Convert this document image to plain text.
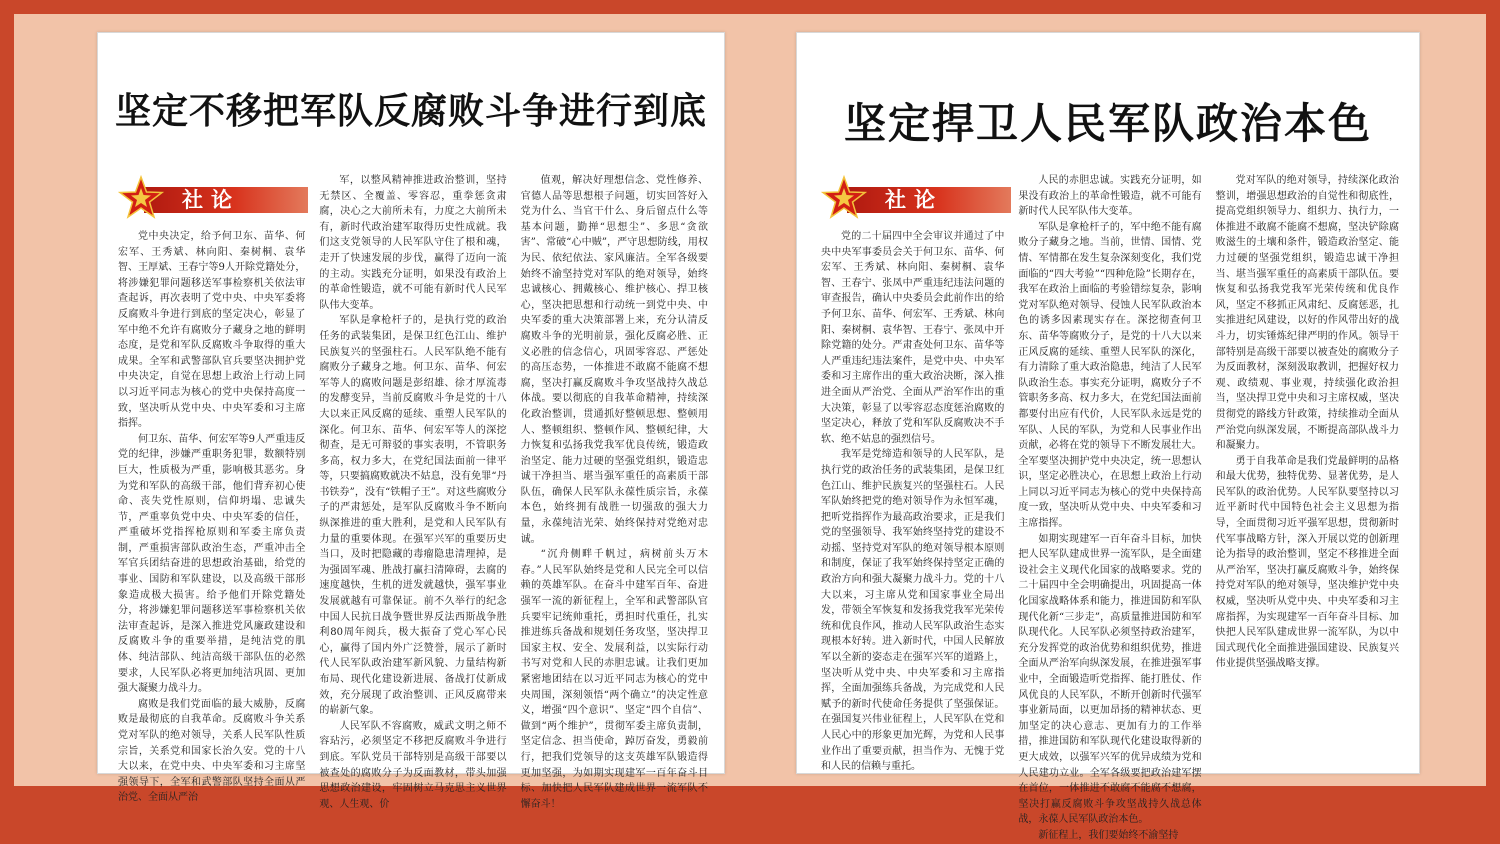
坚定不移把军队反腐败斗争进行到底

党中央决定，给予何卫东、苗华、何宏军、王秀斌、林向阳、秦树桐、袁华智、王厚斌、王春宁等9人开除党籍处分，将涉嫌犯罪问题移送军事检察机关依法审查起诉，再次表明了党中央、中央军委将反腐败斗争进行到底的坚定决心，彰显了军中绝不允许有腐败分子藏身之地的鲜明态度，是党和军队反腐败斗争取得的重大成果。全军和武警部队官兵要坚决拥护党中央决定，自觉在思想上政治上行动上同以习近平同志为核心的党中央保持高度一致，坚决听从党中央、中央军委和习主席指挥。

何卫东、苗华、何宏军等9人严重违反党的纪律，涉嫌严重职务犯罪，数额特别巨大，性质极为严重，影响极其恶劣。身为党和军队的高级干部，他们背弃初心使命、丧失党性原则，信仰坍塌、忠诚失节，严重辜负党中央、中央军委的信任，严重破坏党指挥枪原则和军委主席负责制，严重损害部队政治生态，严重冲击全军官兵团结奋进的思想政治基础，给党的事业、国防和军队建设，以及高级干部形象造成极大损害。给予他们开除党籍处分，将涉嫌犯罪问题移送军事检察机关依法审查起诉，是深入推进党风廉政建设和反腐败斗争的重要举措，是纯洁党的肌体、纯洁部队、纯洁高级干部队伍的必然要求，人民军队必将更加纯洁巩固、更加强大凝聚力战斗力。

腐败是我们党面临的最大威胁，反腐败是最彻底的自我革命。反腐败斗争关系党对军队的绝对领导，关系人民军队性质宗旨，关系党和国家长治久安。党的十八大以来，在党中央、中央军委和习主席坚强领导下，全军和武警部队坚持全面从严治党、全面从严治

军，以整风精神推进政治整训，坚持无禁区、全覆盖、零容忍，重拳惩贪肃腐，决心之大前所未有，力度之大前所未有，新时代政治建军取得历史性成就。我们这支党领导的人民军队守住了根和魂，走开了快速发展的步伐，赢得了迈向一流的主动。实践充分证明，如果没有政治上的革命性锻造，就不可能有新时代人民军队伟大变革。

军队是拿枪杆子的，是执行党的政治任务的武装集团，是保卫红色江山、维护民族复兴的坚强柱石。人民军队绝不能有腐败分子藏身之地。何卫东、苗华、何宏军等人的腐败问题是彭绍雄、徐才厚流毒的发酵变异，当前反腐败斗争是党的十八大以来正风反腐的延续、重塑人民军队的深化。何卫东、苗华、何宏军等人的深挖彻查，是无可辩驳的事实表明，不管职务多高，权力多大，在党纪国法面前一律平等，只要搞腐败就决不姑息，没有免罪“丹书铁券”，没有“铁帽子王”。对这些腐败分子的严肃惩处，是军队反腐败斗争不断向纵深推进的重大胜利，是党和人民军队有力量的重要体现。在强军兴军的重要历史当口，及时把隐藏的毒瘤隐患清理掉，是为强固军魂、胜战打赢扫清障碍，去腐的速度越快，生机的迸发就越快，强军事业发展就越有可靠保证。前不久举行的纪念中国人民抗日战争暨世界反法西斯战争胜利80周年阅兵，极大振奋了党心军心民心，赢得了国内外广泛赞誉，展示了新时代人民军队政治建军新风貌、力量结构新布局、现代化建设新进展、备战打仗新成效，充分展现了政治整训、正风反腐带来的崭新气象。

人民军队不容腐败，威武文明之师不容玷污，必须坚定不移把反腐败斗争进行到底。军队党员干部特别是高级干部要以被查处的腐败分子为反面教材，带头加强思想政治建设，牢固树立马克思主义世界观、人生观、价

值观，解决好理想信念、党性修养、官德人品等思想根子问题，切实回答好入党为什么、当官干什么、身后留点什么等基本问题，勤掸“思想尘”、多思“贪欲害”、常破“心中贼”，严守思想防线，用权为民、依纪依法、家风廉洁。全军各级要始终不渝坚持党对军队的绝对领导，始终忠诚核心、拥戴核心、维护核心、捍卫核心，坚决把思想和行动统一到党中央、中央军委的重大决策部署上来，充分认清反腐败斗争的光明前景，强化反腐必胜、正义必胜的信念信心，巩固零容忍、严惩处的高压态势，一体推进不敢腐不能腐不想腐，坚决打赢反腐败斗争攻坚战持久战总体战。要以彻底的自我革命精神，持续深化政治整训，贯通抓好整顿思想、整顿用人、整顿组织、整顿作风、整顿纪律，大力恢复和弘扬我党我军优良传统，锻造政治坚定、能力过硬的坚强党组织，锻造忠诚干净担当、堪当强军重任的高素质干部队伍，确保人民军队永葆性质宗旨，永葆本色，始终拥有战胜一切强敌的强大力量，永葆纯洁光荣、始终保持对党绝对忠诚。

“沉舟侧畔千帆过，病树前头万木春。”人民军队始终是党和人民完全可以信赖的英雄军队。在奋斗中建军百年、奋进强军一流的新征程上，全军和武警部队官兵要牢记统帅重托，勇担时代重任，扎实推进练兵备战和规划任务攻坚，坚决捍卫国家主权、安全、发展利益，以实际行动书写对党和人民的赤胆忠诚。让我们更加紧密地团结在以习近平同志为核心的党中央周围，深刻领悟“两个确立”的决定性意义，增强“四个意识”、坚定“四个自信”、做到“两个维护”，贯彻军委主席负责制，坚定信念、担当使命，踔厉奋发，勇毅前行，把我们党领导的这支英雄军队锻造得更加坚强，为如期实现建军一百年奋斗目标、加快把人民军队建成世界一流军队不懈奋斗！

社论
坚定捍卫人民军队政治本色

党的二十届四中全会审议并通过了中央中央军事委员会关于何卫东、苗华、何宏军、王秀斌、林向阳、秦树桐、袁华智、王春宁、张凤中严重违纪违法问题的审查报告，确认中央委员会此前作出的给予何卫东、苗华、何宏军、王秀斌、林向阳、秦树桐、袁华智、王春宁、张凤中开除党籍的处分。严肃查处何卫东、苗华等人严重违纪违法案件，是党中央、中央军委和习主席作出的重大政治决断，深入推进全面从严治党、全面从严治军作出的重大决策，彰显了以零容忍态度惩治腐败的坚定决心，释放了党和军队反腐败决不手软、绝不姑息的强烈信号。

我军是党缔造和领导的人民军队，是执行党的政治任务的武装集团，是保卫红色江山、维护民族复兴的坚强柱石。人民军队始终把党的绝对领导作为永恒军魂，把听党指挥作为最高政治要求，正是我们党的坚强领导、我军始终坚持党的建设不动摇、坚持党对军队的绝对领导根本原则和制度，保证了我军始终保持坚定正确的政治方向和强大凝聚力战斗力。党的十八大以来，习主席从党和国家事业全局出发，带领全军恢复和发扬我党我军光荣传统和优良作风，推动人民军队政治生态实现根本好转。进入新时代，中国人民解放军以全新的姿态走在强军兴军的道路上，坚决听从党中央、中央军委和习主席指挥，全面加强练兵备战，为完成党和人民赋予的新时代使命任务提供了坚强保证。在强国复兴伟业征程上，人民军队在党和人民心中的形象更加光辉，为党和人民事业作出了重要贡献，担当作为、无愧于党和人民的信赖与重托。

人民的赤胆忠诚。实践充分证明，如果没有政治上的革命性锻造，就不可能有新时代人民军队伟大变革。

军队是拿枪杆子的，军中绝不能有腐败分子藏身之地。当前，世情、国情、党情、军情都在发生复杂深刻变化，我们党面临的“四大考验”“四种危险”长期存在，我军在政治上面临的考验错综复杂，影响党对军队绝对领导、侵蚀人民军队政治本色的诱多因素现实存在。深挖彻查何卫东、苗华等腐败分子，是党的十八大以来正风反腐的延续、重塑人民军队的深化，有力清除了重大政治隐患，纯洁了人民军队政治生态。事实充分证明，腐败分子不管职务多高、权力多大，在党纪国法面前都要付出应有代价，人民军队永远是党的军队、人民的军队，为党和人民事业作出贡献，必将在党的领导下不断发展壮大。全军要坚决拥护党中央决定，统一思想认识，坚定必胜决心，在思想上政治上行动上同以习近平同志为核心的党中央保持高度一致，坚决听从党中央、中央军委和习主席指挥。

如期实现建军一百年奋斗目标，加快把人民军队建成世界一流军队，是全面建设社会主义现代化国家的战略要求。党的二十届四中全会明确提出，巩固提高一体化国家战略体系和能力，推进国防和军队现代化新“三步走”，高质量推进国防和军队现代化。人民军队必须坚持政治建军，充分发挥党的政治优势和组织优势，推进全面从严治军向纵深发展，在推进强军事业中，全面锻造听党指挥、能打胜仗、作风优良的人民军队，不断开创新时代强军事业新局面，以更加昂扬的精神状态、更加坚定的决心意志、更加有力的工作举措，推进国防和军队现代化建设取得新的更大成效，以强军兴军的优异成绩为党和人民建功立业。全军各级要把政治建军摆在首位，一体推进不敢腐不能腐不想腐，坚决打赢反腐败斗争攻坚战持久战总体战，永葆人民军队政治本色。

新征程上，我们要始终不渝坚持

党对军队的绝对领导，持续深化政治整训，增强思想政治的自觉性和彻底性，提高党组织领导力、组织力、执行力，一体推进不敢腐不能腐不想腐，坚决铲除腐败滋生的土壤和条件，锻造政治坚定、能力过硬的坚强党组织，锻造忠诚干净担当、堪当强军重任的高素质干部队伍。要恢复和弘扬我党我军光荣传统和优良作风，坚定不移抓正风肃纪、反腐惩恶，扎实推进纪风建设，以好的作风带出好的战斗力，切实锤炼纪律严明的作风。领导干部特别是高级干部要以被查处的腐败分子为反面教材，深刻汲取教训，把握好权力观、政绩观、事业观，持续强化政治担当，坚决捍卫党中央和习主席权威，坚决贯彻党的路线方针政策，持续推动全面从严治党向纵深发展，不断提高部队战斗力和凝聚力。

勇于自我革命是我们党最鲜明的品格和最大优势，独特优势、显著优势，是人民军队的政治优势。人民军队要坚持以习近平新时代中国特色社会主义思想为指导，全面贯彻习近平强军思想，贯彻新时代军事战略方针，深入开展以党的创新理论为指导的政治整训，坚定不移推进全面从严治军，坚决打赢反腐败斗争，始终保持党对军队的绝对领导，坚决维护党中央权威，坚决听从党中央、中央军委和习主席指挥，为实现建军一百年奋斗目标、加快把人民军队建成世界一流军队，为以中国式现代化全面推进强国建设、民族复兴伟业提供坚强战略支撑。

社论
